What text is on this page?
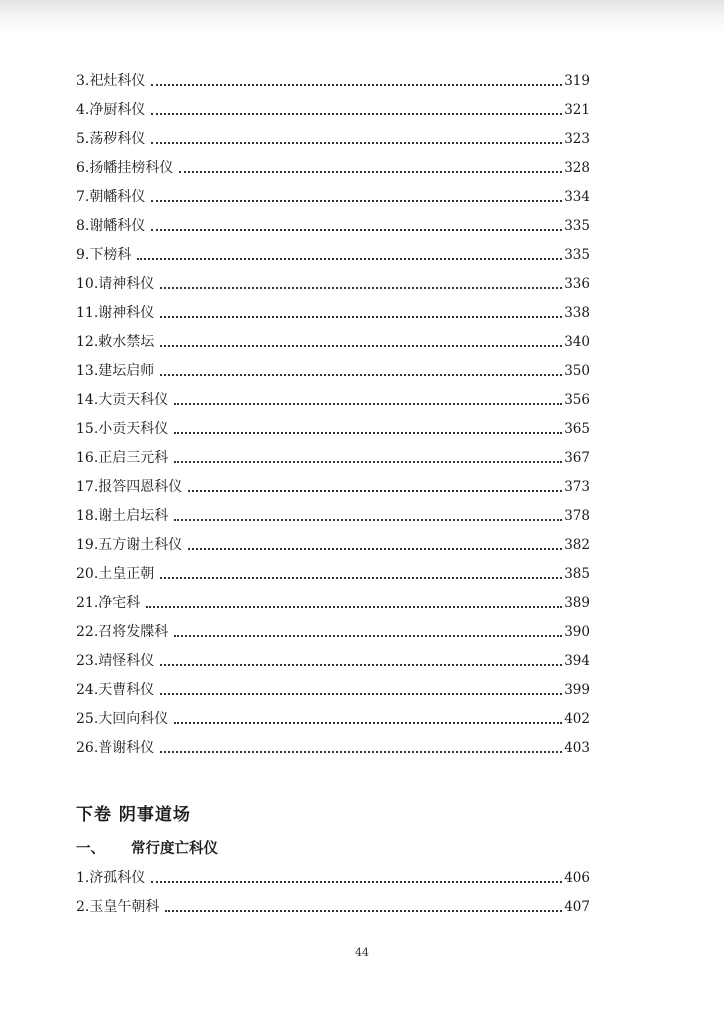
3. 祀灶科仪	319
4. 净厨科仪	321
5. 荡秽科仪	323
6. 扬幡挂榜科仪	328
7. 朝幡科仪	334
8. 谢幡科仪	335
9. 下榜科	335
10. 请神科仪	336
11. 谢神科仪	338
12. 敕水禁坛	340
13. 建坛启师	350
14. 大贡天科仪	356
15. 小贡天科仪	365
16. 正启三元科	367
17. 报答四恩科仪	373
18. 谢土启坛科	378
19. 五方谢土科仪	382
20. 土皇正朝	385
21. 净宅科	389
22. 召将发牒科	390
23. 靖怪科仪	394
24. 天曹科仪	399
25. 大回向科仪	402
26. 普谢科仪	403
1. 济孤科仪	406
2. 玉皇午朝科	407
下卷 阴事道场
一、 常行度亡科仪
44
